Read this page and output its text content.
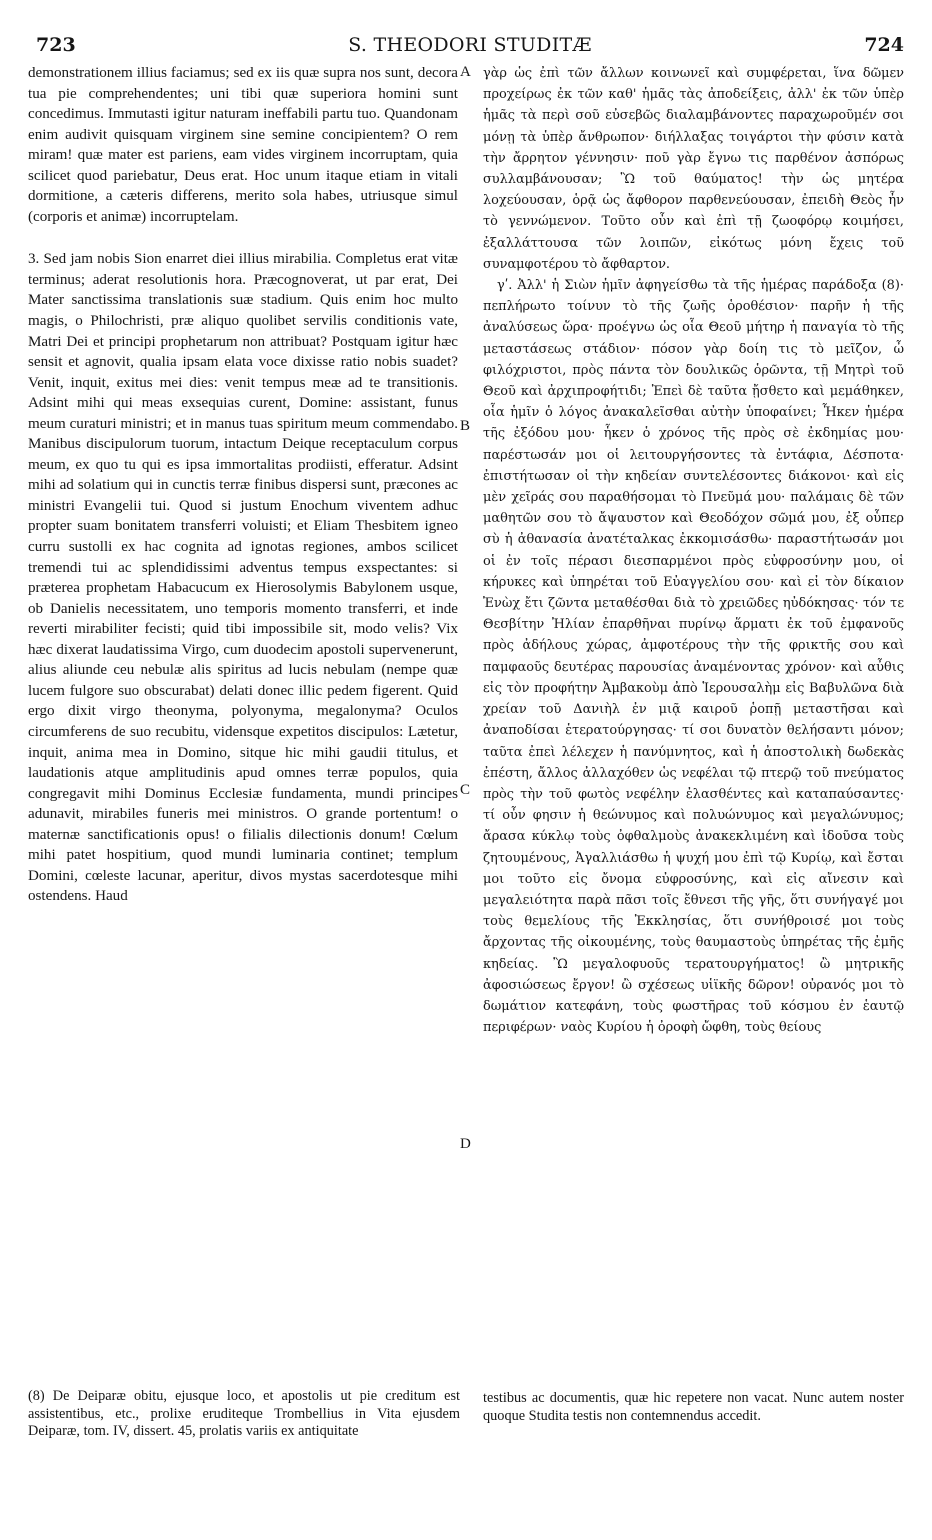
723	S. THEODORI STUDITÆ	724

demonstrationem illius faciamus; sed ex iis quæ supra nos sunt, decora tua pie comprehendentes; uni tibi quæ superiora homini sunt concedimus. Immutasti igitur naturam ineffabili partu tuo. Quandonam enim audivit quisquam virginem sine semine concipientem? O rem miram! quæ mater est pariens, eam vides virginem incorruptam, quia scilicet quod pariebatur, Deus erat. Hoc unum itaque etiam in vitali dormitione, a cæteris differens, merito sola habes, utriusque simul (corporis et animæ) incorruptelam.

3. Sed jam nobis Sion enarret diei illius mirabilia. Completus erat vitæ terminus; aderat resolutionis hora. Præcognoverat, ut par erat, Dei Mater sanctissima translationis suæ stadium. Quis enim hoc multo magis, o Philochristi, præ aliquo quolibet servilis conditionis vate, Matri Dei et principi prophetarum non attribuat? Postquam igitur hæc sensit et agnovit, qualia ipsam elata voce dixisse ratio nobis suadet? Venit, inquit, exitus mei dies: venit tempus meæ ad te transitionis. Adsint mihi qui meas exsequias curent, Domine: assistant, funus meum curaturi ministri; et in manus tuas spiritum meum commendabo. Manibus discipulorum tuorum, intactum Deique receptaculum corpus meum, ex quo tu qui es ipsa immortalitas prodiisti, efferatur. Adsint mihi ad solatium qui in cunctis terræ finibus dispersi sunt, præcones ac ministri Evangelii tui. Quod si justum Enochum viventem adhuc propter suam bonitatem transferri voluisti; et Eliam Thesbitem igneo curru sustolli ex hac cognita ad ignotas regiones, ambos scilicet tremendi tui ac splendidissimi adventus tempus exspectantes: si præterea prophetam Habacucum ex Hierosolymis Babylonem usque, ob Danielis necessitatem, uno temporis momento transferri, et inde reverti mirabiliter fecisti; quid tibi impossibile sit, modo velis? Vix hæc dixerat laudatissima Virgo, cum duodecim apostoli supervenerunt, alius aliunde ceu nebulæ alis spiritus ad lucis nebulam (nempe quæ lucem fulgore suo obscurabat) delati donec illic pedem figerent. Quid ergo dixit virgo theonyma, polyonyma, megalonyma? Oculos circumferens de suo recubitu, vidensque expetitos discipulos: Lætetur, inquit, anima mea in Domino, sitque hic mihi gaudii titulus, et laudationis atque amplitudinis apud omnes terræ populos, quia congregavit mihi Dominus Ecclesiæ fundamenta, mundi principes adunavit, mirabiles funeris mei ministros. O grande portentum! o maternæ sanctificationis opus! o filialis dilectionis donum! Cœlum mihi patet hospitium, quod mundi luminaria continet; templum Domini, cœleste lacunar, aperitur, divos mystas sacerdotesque mihi ostendens. Haud

A
B
C
D

γὰρ ὡς ἐπὶ τῶν ἄλλων κοινωνεῖ καὶ συμφέρεται, ἵνα δῶμεν προχείρως ἐκ τῶν καθ' ἡμᾶς τὰς ἀποδείξεις, ἀλλ' ἐκ τῶν ὑπὲρ ἡμᾶς τὰ περὶ σοῦ εὐσεβῶς διαλαμβάνοντες παραχωροῦμέν σοι μόνῃ τὰ ὑπὲρ ἄνθρωπον· διήλλαξας τοιγάρτοι τὴν φύσιν κατὰ τὴν ἄρρητον γέννησιν· ποῦ γὰρ ἔγνω τις παρθένον ἀσπόρως συλλαμβάνουσαν; Ὢ τοῦ θαύματος! τὴν ὡς μητέρα λοχεύουσαν, ὁρᾷ ὡς ἄφθορον παρθενεύουσαν, ἐπειδὴ Θεὸς ἦν τὸ γεννώμενον. Τοῦτο οὖν καὶ ἐπὶ τῇ ζωοφόρῳ κοιμήσει, ἐξαλλάττουσα τῶν λοιπῶν, εἰκότως μόνη ἔχεις τοῦ συναμφοτέρου τὸ ἄφθαρτον.

γʹ. Ἀλλ' ἡ Σιὼν ἡμῖν ἀφηγείσθω τὰ τῆς ἡμέρας παράδοξα (8)· πεπλήρωτο τοίνυν τὸ τῆς ζωῆς ὁροθέσιον· παρῆν ἡ τῆς ἀναλύσεως ὥρα· προέγνω ὡς οἷα Θεοῦ μήτηρ ἡ παναγία τὸ τῆς μεταστάσεως στάδιον· πόσον γὰρ δοίη τις τὸ μεῖζον, ὦ φιλόχριστοι, πρὸς πάντα τὸν δουλικῶς ὁρῶντα, τῇ Μητρὶ τοῦ Θεοῦ καὶ ἀρχιπροφήτιδι; Ἐπεὶ δὲ ταῦτα ᾔσθετο καὶ μεμάθηκεν, οἷα ἡμῖν ὁ λόγος ἀνακαλεῖσθαι αὐτὴν ὑποφαίνει; Ἧκεν ἡμέρα τῆς ἐξόδου μου· ἧκεν ὁ χρόνος τῆς πρὸς σὲ ἐκδημίας μου· παρέστωσάν μοι οἱ λειτουργήσοντες τὰ ἐντάφια, Δέσποτα· ἐπιστήτωσαν οἱ τὴν κηδείαν συντελέσοντες διάκονοι· καὶ εἰς μὲν χεῖράς σου παραθήσομαι τὸ Πνεῦμά μου· παλάμαις δὲ τῶν μαθητῶν σου τὸ ἄψαυστον καὶ Θεοδόχον σῶμά μου, ἐξ οὗπερ σὺ ἡ ἀθανασία ἀνατέταλκας ἐκκομισάσθω· παραστήτωσάν μοι οἱ ἐν τοῖς πέρασι διεσπαρμένοι πρὸς εὐφροσύνην μου, οἱ κήρυκες καὶ ὑπηρέται τοῦ Εὐαγγελίου σου· καὶ εἰ τὸν δίκαιον Ἐνὼχ ἔτι ζῶντα μεταθέσθαι διὰ τὸ χρειῶδες ηὐδόκησας· τόν τε Θεσβίτην Ἠλίαν ἐπαρθῆναι πυρίνῳ ἅρματι ἐκ τοῦ ἐμφανοῦς πρὸς ἀδήλους χώρας, ἀμφοτέρους τὴν τῆς φρικτῆς σου καὶ παμφαοῦς δευτέρας παρουσίας ἀναμένοντας χρόνον· καὶ αὖθις εἰς τὸν προφήτην Ἀμβακοὺμ ἀπὸ Ἱερουσαλὴμ εἰς Βαβυλῶνα διὰ χρείαν τοῦ Δανιὴλ ἐν μιᾷ καιροῦ ῥοπῇ μεταστῆσαι καὶ ἀναποδίσαι ἑτερατούργησας· τί σοι δυνατὸν θελήσαντι μόνον; ταῦτα ἐπεὶ λέλεχεν ἡ πανύμνητος, καὶ ἡ ἀποστολικὴ δωδεκὰς ἐπέστη, ἄλλος ἀλλαχόθεν ὡς νεφέλαι τῷ πτερῷ τοῦ πνεύματος πρὸς τὴν τοῦ φωτὸς νεφέλην ἐλασθέντες καὶ καταπαύσαντες· τί οὖν φησιν ἡ θεώνυμος καὶ πολυώνυμος καὶ μεγαλώνυμος; ἄρασα κύκλῳ τοὺς ὀφθαλμοὺς ἀνακεκλιμένη καὶ ἰδοῦσα τοὺς ζητουμένους, Ἀγαλλιάσθω ἡ ψυχή μου ἐπὶ τῷ Κυρίῳ, καὶ ἔσται μοι τοῦτο εἰς ὄνομα εὐφροσύνης, καὶ εἰς αἴνεσιν καὶ μεγαλειότητα παρὰ πᾶσι τοῖς ἔθνεσι τῆς γῆς, ὅτι συνήγαγέ μοι τοὺς θεμελίους τῆς Ἐκκλησίας, ὅτι συνήθροισέ μοι τοὺς ἄρχοντας τῆς οἰκουμένης, τοὺς θαυμαστοὺς ὑπηρέτας τῆς ἐμῆς κηδείας. Ὢ μεγαλοφυοῦς τερατουργήματος! ὢ μητρικῆς ἀφοσιώσεως ἔργον! ὢ σχέσεως υἱϊκῆς δῶρον! οὐρανός μοι τὸ δωμάτιον κατεφάνη, τοὺς φωστῆρας τοῦ κόσμου ἐν ἑαυτῷ περιφέρων· ναὸς Κυρίου ἡ ὀροφὴ ὤφθη, τοὺς θείους

(8) De Deiparæ obitu, ejusque loco, et apostolis ut pie creditum est assistentibus, etc., prolixe eruditeque Trombellius in Vita ejusdem Deiparæ, tom. IV, dissert. 45, prolatis variis ex antiquitate
testibus ac documentis, quæ hic repetere non vacat. Nunc autem noster quoque Studita testis non contemnendus accedit.
